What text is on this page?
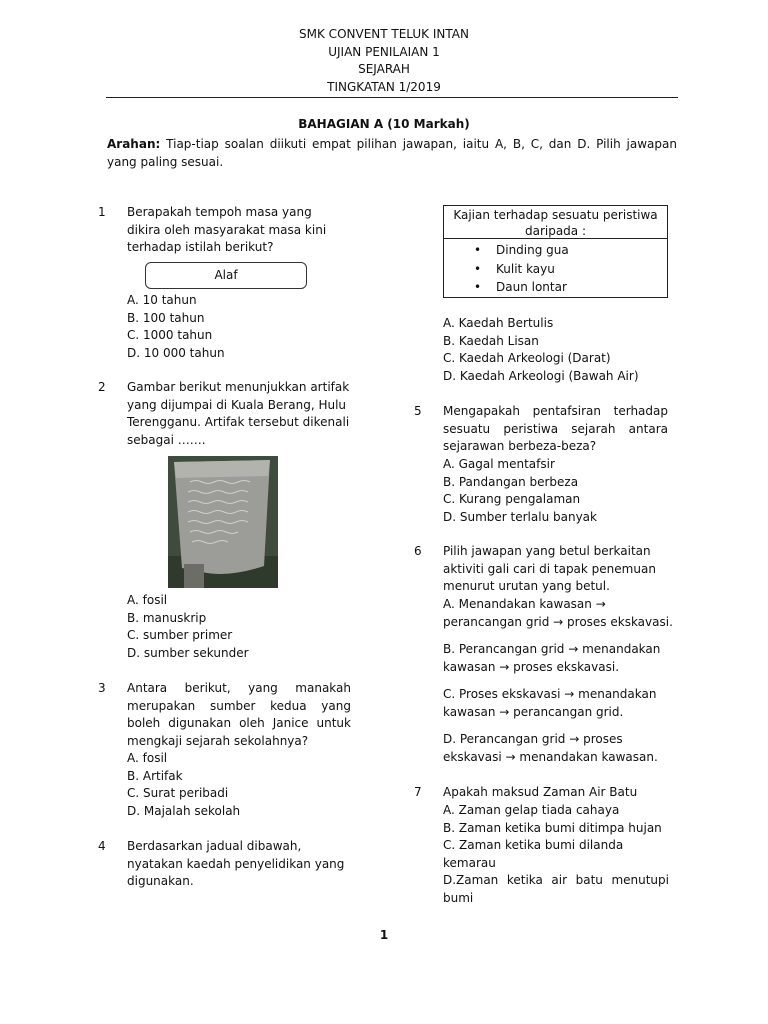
SMK CONVENT TELUK INTAN
UJIAN PENILAIAN 1
SEJARAH
TINGKATAN 1/2019
BAHAGIAN A (10 Markah)
Arahan: Tiap-tiap soalan diikuti empat pilihan jawapan, iaitu A, B, C, dan D. Pilih jawapan yang paling sesuai.
1	Berapakah tempoh masa yang dikira oleh masyarakat masa kini terhadap istilah berikut?
Alaf
A. 10 tahun
B. 100 tahun
C. 1000 tahun
D. 10 000 tahun
2	Gambar berikut menunjukkan artifak yang dijumpai di Kuala Berang, Hulu Terengganu. Artifak tersebut dikenali sebagai …….
A. fosil
B. manuskrip
C. sumber primer
D. sumber sekunder
3	Antara berikut, yang manakah merupakan sumber kedua yang boleh digunakan oleh Janice untuk mengkaji sejarah sekolahnya?
A. fosil
B. Artifak
C. Surat peribadi
D. Majalah sekolah
4	Berdasarkan jadual dibawah, nyatakan kaedah penyelidikan yang digunakan.
Kajian terhadap sesuatu peristiwa daripada :
• Dinding gua
• Kulit kayu
• Daun lontar
A. Kaedah Bertulis
B. Kaedah Lisan
C. Kaedah Arkeologi (Darat)
D. Kaedah Arkeologi (Bawah Air)
5	Mengapakah pentafsiran terhadap sesuatu peristiwa sejarah antara sejarawan berbeza-beza?
A. Gagal mentafsir
B. Pandangan berbeza
C. Kurang pengalaman
D. Sumber terlalu banyak
6	Pilih jawapan yang betul berkaitan aktiviti gali cari di tapak penemuan menurut urutan yang betul.
A. Menandakan kawasan → perancangan grid → proses ekskavasi.
B. Perancangan grid → menandakan kawasan → proses ekskavasi.
C. Proses ekskavasi → menandakan kawasan → perancangan grid.
D. Perancangan grid → proses ekskavasi → menandakan kawasan.
7	Apakah maksud Zaman Air Batu
A. Zaman gelap tiada cahaya
B. Zaman ketika bumi ditimpa hujan
C. Zaman ketika bumi dilanda kemarau
D.Zaman ketika air batu menutupi bumi
1
